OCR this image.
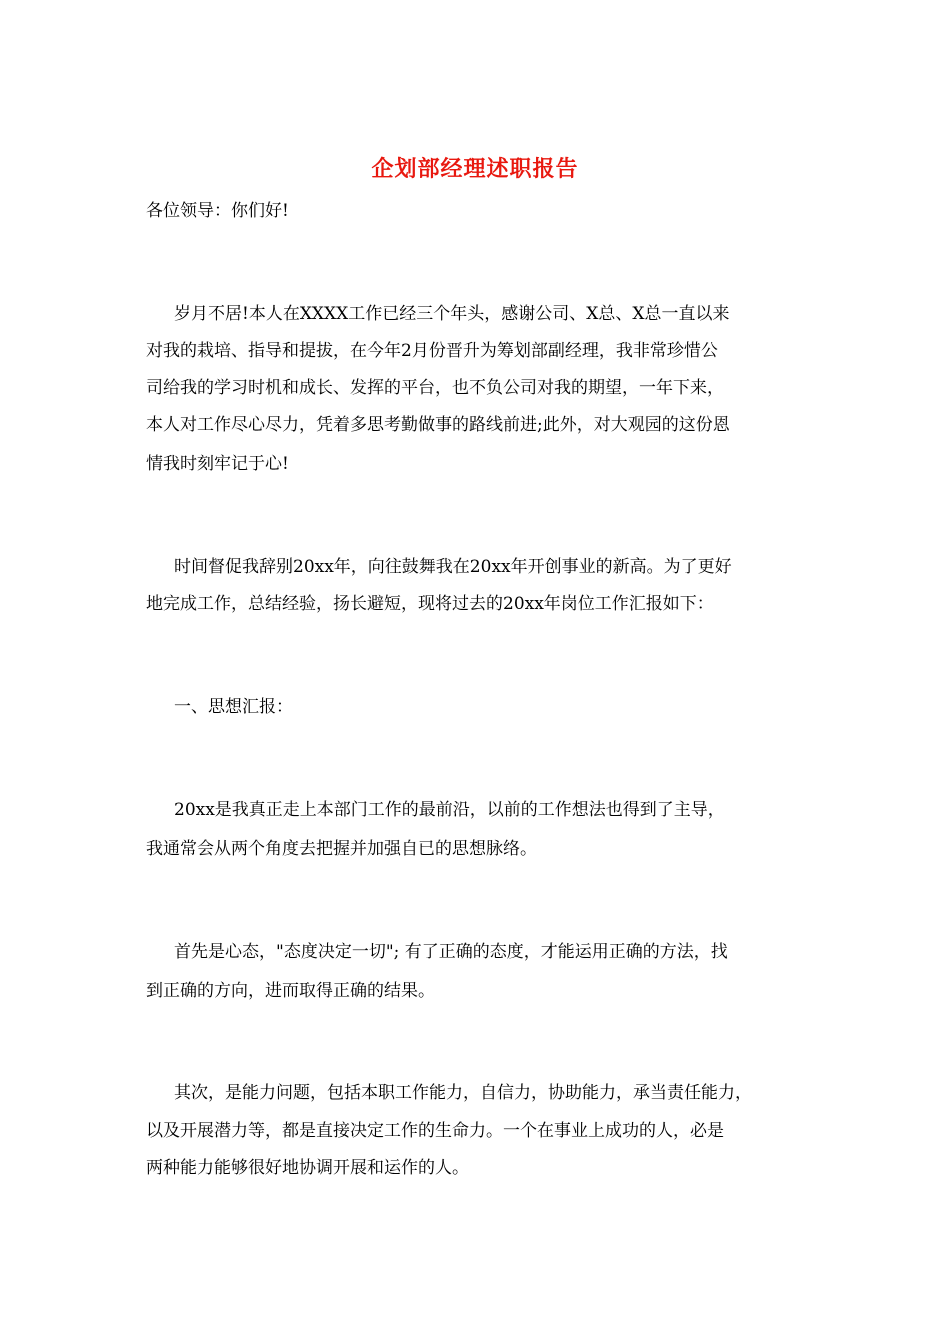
企划部经理述职报告
各位领导：你们好!
岁月不居!本人在XXXX工作已经三个年头，感谢公司、X总、X总一直以来
对我的栽培、指导和提拔，在今年2月份晋升为筹划部副经理，我非常珍惜公
司给我的学习时机和成长、发挥的平台，也不负公司对我的期望，一年下来，
本人对工作尽心尽力，凭着多思考勤做事的路线前进;此外，对大观园的这份恩
情我时刻牢记于心!
时间督促我辞别20xx年，向往鼓舞我在20xx年开创事业的新高。为了更好
地完成工作，总结经验，扬长避短，现将过去的20xx年岗位工作汇报如下：
一、思想汇报：
20xx是我真正走上本部门工作的最前沿，以前的工作想法也得到了主导，
我通常会从两个角度去把握并加强自已的思想脉络。
首先是心态，"态度决定一切"; 有了正确的态度，才能运用正确的方法，找
到正确的方向，进而取得正确的结果。
其次，是能力问题，包括本职工作能力，自信力，协助能力，承当责任能力，
以及开展潜力等，都是直接决定工作的生命力。一个在事业上成功的人，必是
两种能力能够很好地协调开展和运作的人。
